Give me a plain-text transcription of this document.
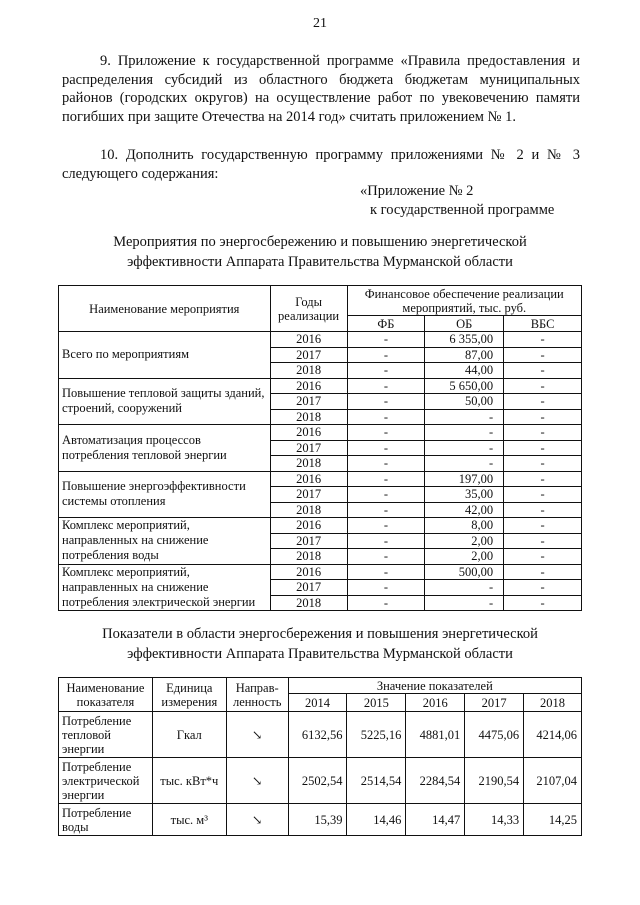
21
9. Приложение к государственной программе «Правила предоставления и распределения субсидий из областного бюджета бюджетам муниципальных районов (городских округов) на осуществление работ по увековечению памяти погибших при защите Отечества на 2014 год» считать приложением № 1.
10. Дополнить государственную программу приложениями № 2 и № 3 следующего содержания:
«Приложение № 2
к государственной программе
Мероприятия по энергосбережению и повышению энергетической
эффективности Аппарата Правительства Мурманской области
Наименование мероприятия	Годы реализации	Финансовое обеспечение реализации мероприятий, тыс. руб.		
		ФБ	ОБ	ВБС
Всего по мероприятиям	2016	-	6 355,00	-
	2017	-	87,00	-
	2018	-	44,00	-
Повышение тепловой защиты зданий, строений, сооружений	2016	-	5 650,00	-
	2017	-	50,00	-
	2018	-	-	-
Автоматизация процессов потребления тепловой энергии	2016	-	-	-
	2017	-	-	-
	2018	-	-	-
Повышение энергоэффективности системы отопления	2016	-	197,00	-
	2017	-	35,00	-
	2018	-	42,00	-
Комплекс мероприятий, направленных на снижение потребления воды	2016	-	8,00	-
	2017	-	2,00	-
	2018	-	2,00	-
Комплекс мероприятий, направленных на снижение потребления электрической энергии	2016	-	500,00	-
	2017	-	-	-
	2018	-	-	-
Показатели в области энергосбережения и повышения энергетической
эффективности Аппарата Правительства Мурманской области
Наименование показателя	Единица измерения	Направ-ленность	Значение показателей				
			2014	2015	2016	2017	2018
Потребление тепловой энергии	Гкал	↘	6132,56	5225,16	4881,01	4475,06	4214,06
Потребление электрической энергии	тыс. кВт*ч	↘	2502,54	2514,54	2284,54	2190,54	2107,04
Потребление воды	тыс. м³	↘	15,39	14,46	14,47	14,33	14,25
